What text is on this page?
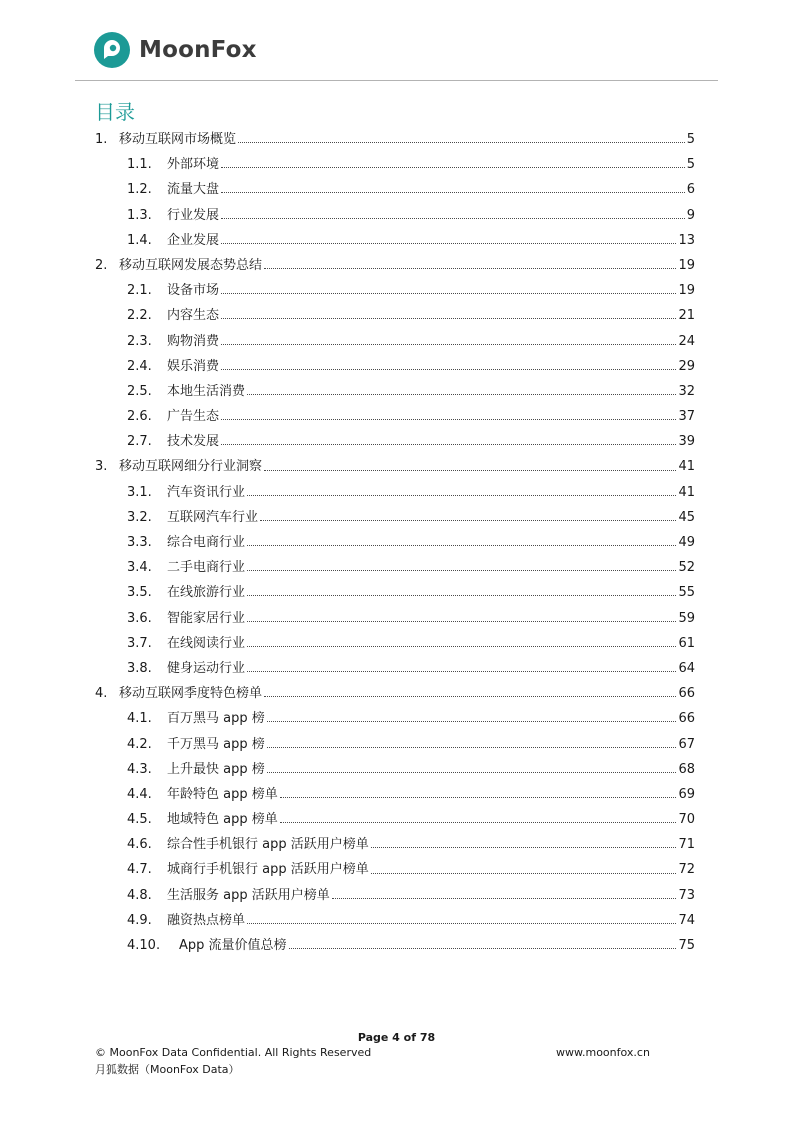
MoonFox
目录
1. 移动互联网市场概览	5
1.1.	外部环境	5
1.2.	流量大盘	6
1.3.	行业发展	9
1.4.	企业发展	13
2. 移动互联网发展态势总结	19
2.1.	设备市场	19
2.2.	内容生态	21
2.3.	购物消费	24
2.4.	娱乐消费	29
2.5.	本地生活消费	32
2.6.	广告生态	37
2.7.	技术发展	39
3. 移动互联网细分行业洞察	41
3.1.	汽车资讯行业	41
3.2.	互联网汽车行业	45
3.3.	综合电商行业	49
3.4.	二手电商行业	52
3.5.	在线旅游行业	55
3.6.	智能家居行业	59
3.7.	在线阅读行业	61
3.8.	健身运动行业	64
4. 移动互联网季度特色榜单	66
4.1.	百万黑马 app 榜	66
4.2.	千万黑马 app 榜	67
4.3.	上升最快 app 榜	68
4.4.	年龄特色 app 榜单	69
4.5.	地域特色 app 榜单	70
4.6.	综合性手机银行 app 活跃用户榜单	71
4.7.	城商行手机银行 app 活跃用户榜单	72
4.8.	生活服务 app 活跃用户榜单	73
4.9.	融资热点榜单	74
4.10.	App 流量价值总榜	75
Page 4 of 78
© MoonFox Data Confidential. All Rights Reserved	www.moonfox.cn
月狐数据（MoonFox Data）
